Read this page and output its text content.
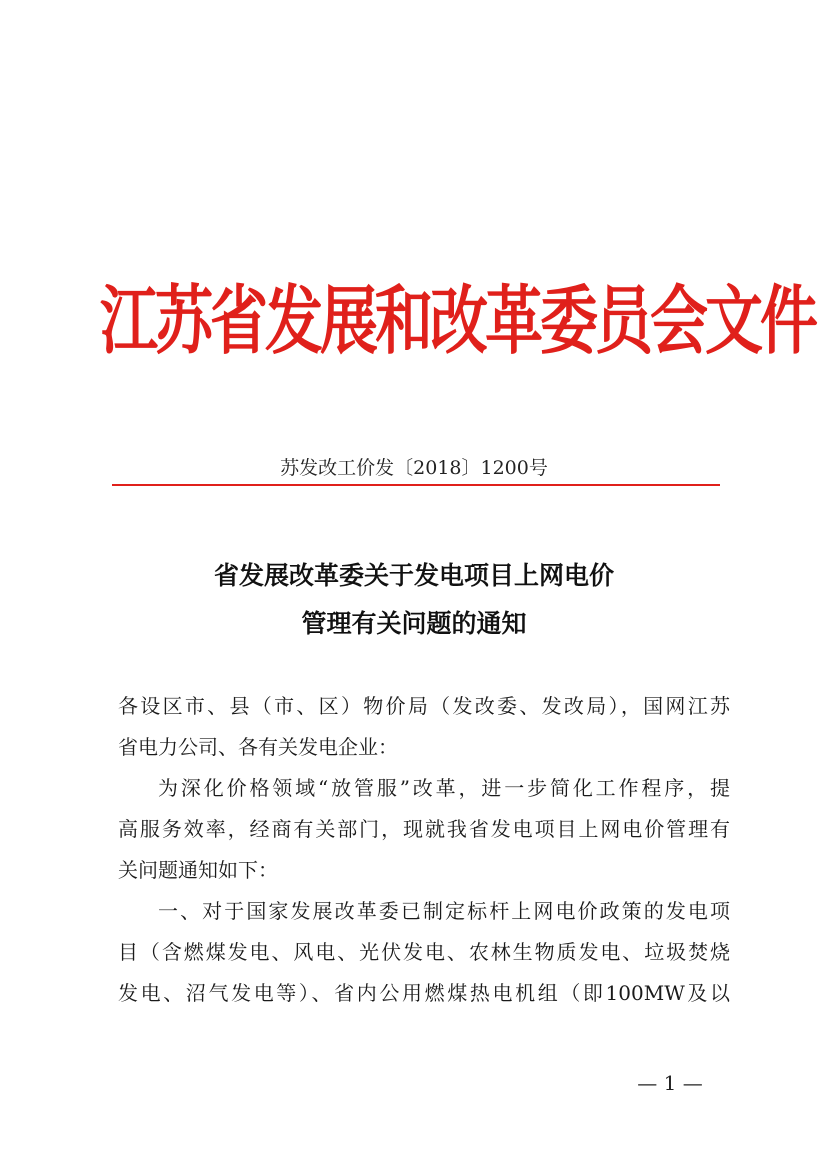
江苏省发展和改革委员会文件
苏发改工价发〔2018〕1200号
省发展改革委关于发电项目上网电价
管理有关问题的通知
各设区市、县（市、区）物价局（发改委、发改局），国网江苏
省电力公司、各有关发电企业：
为深化价格领域“放管服”改革，进一步简化工作程序，提
高服务效率，经商有关部门，现就我省发电项目上网电价管理有
关问题通知如下：
一、对于国家发展改革委已制定标杆上网电价政策的发电项
目（含燃煤发电、风电、光伏发电、农林生物质发电、垃圾焚烧
发电、沼气发电等）、省内公用燃煤热电机组（即100MW及以
— 1 —
